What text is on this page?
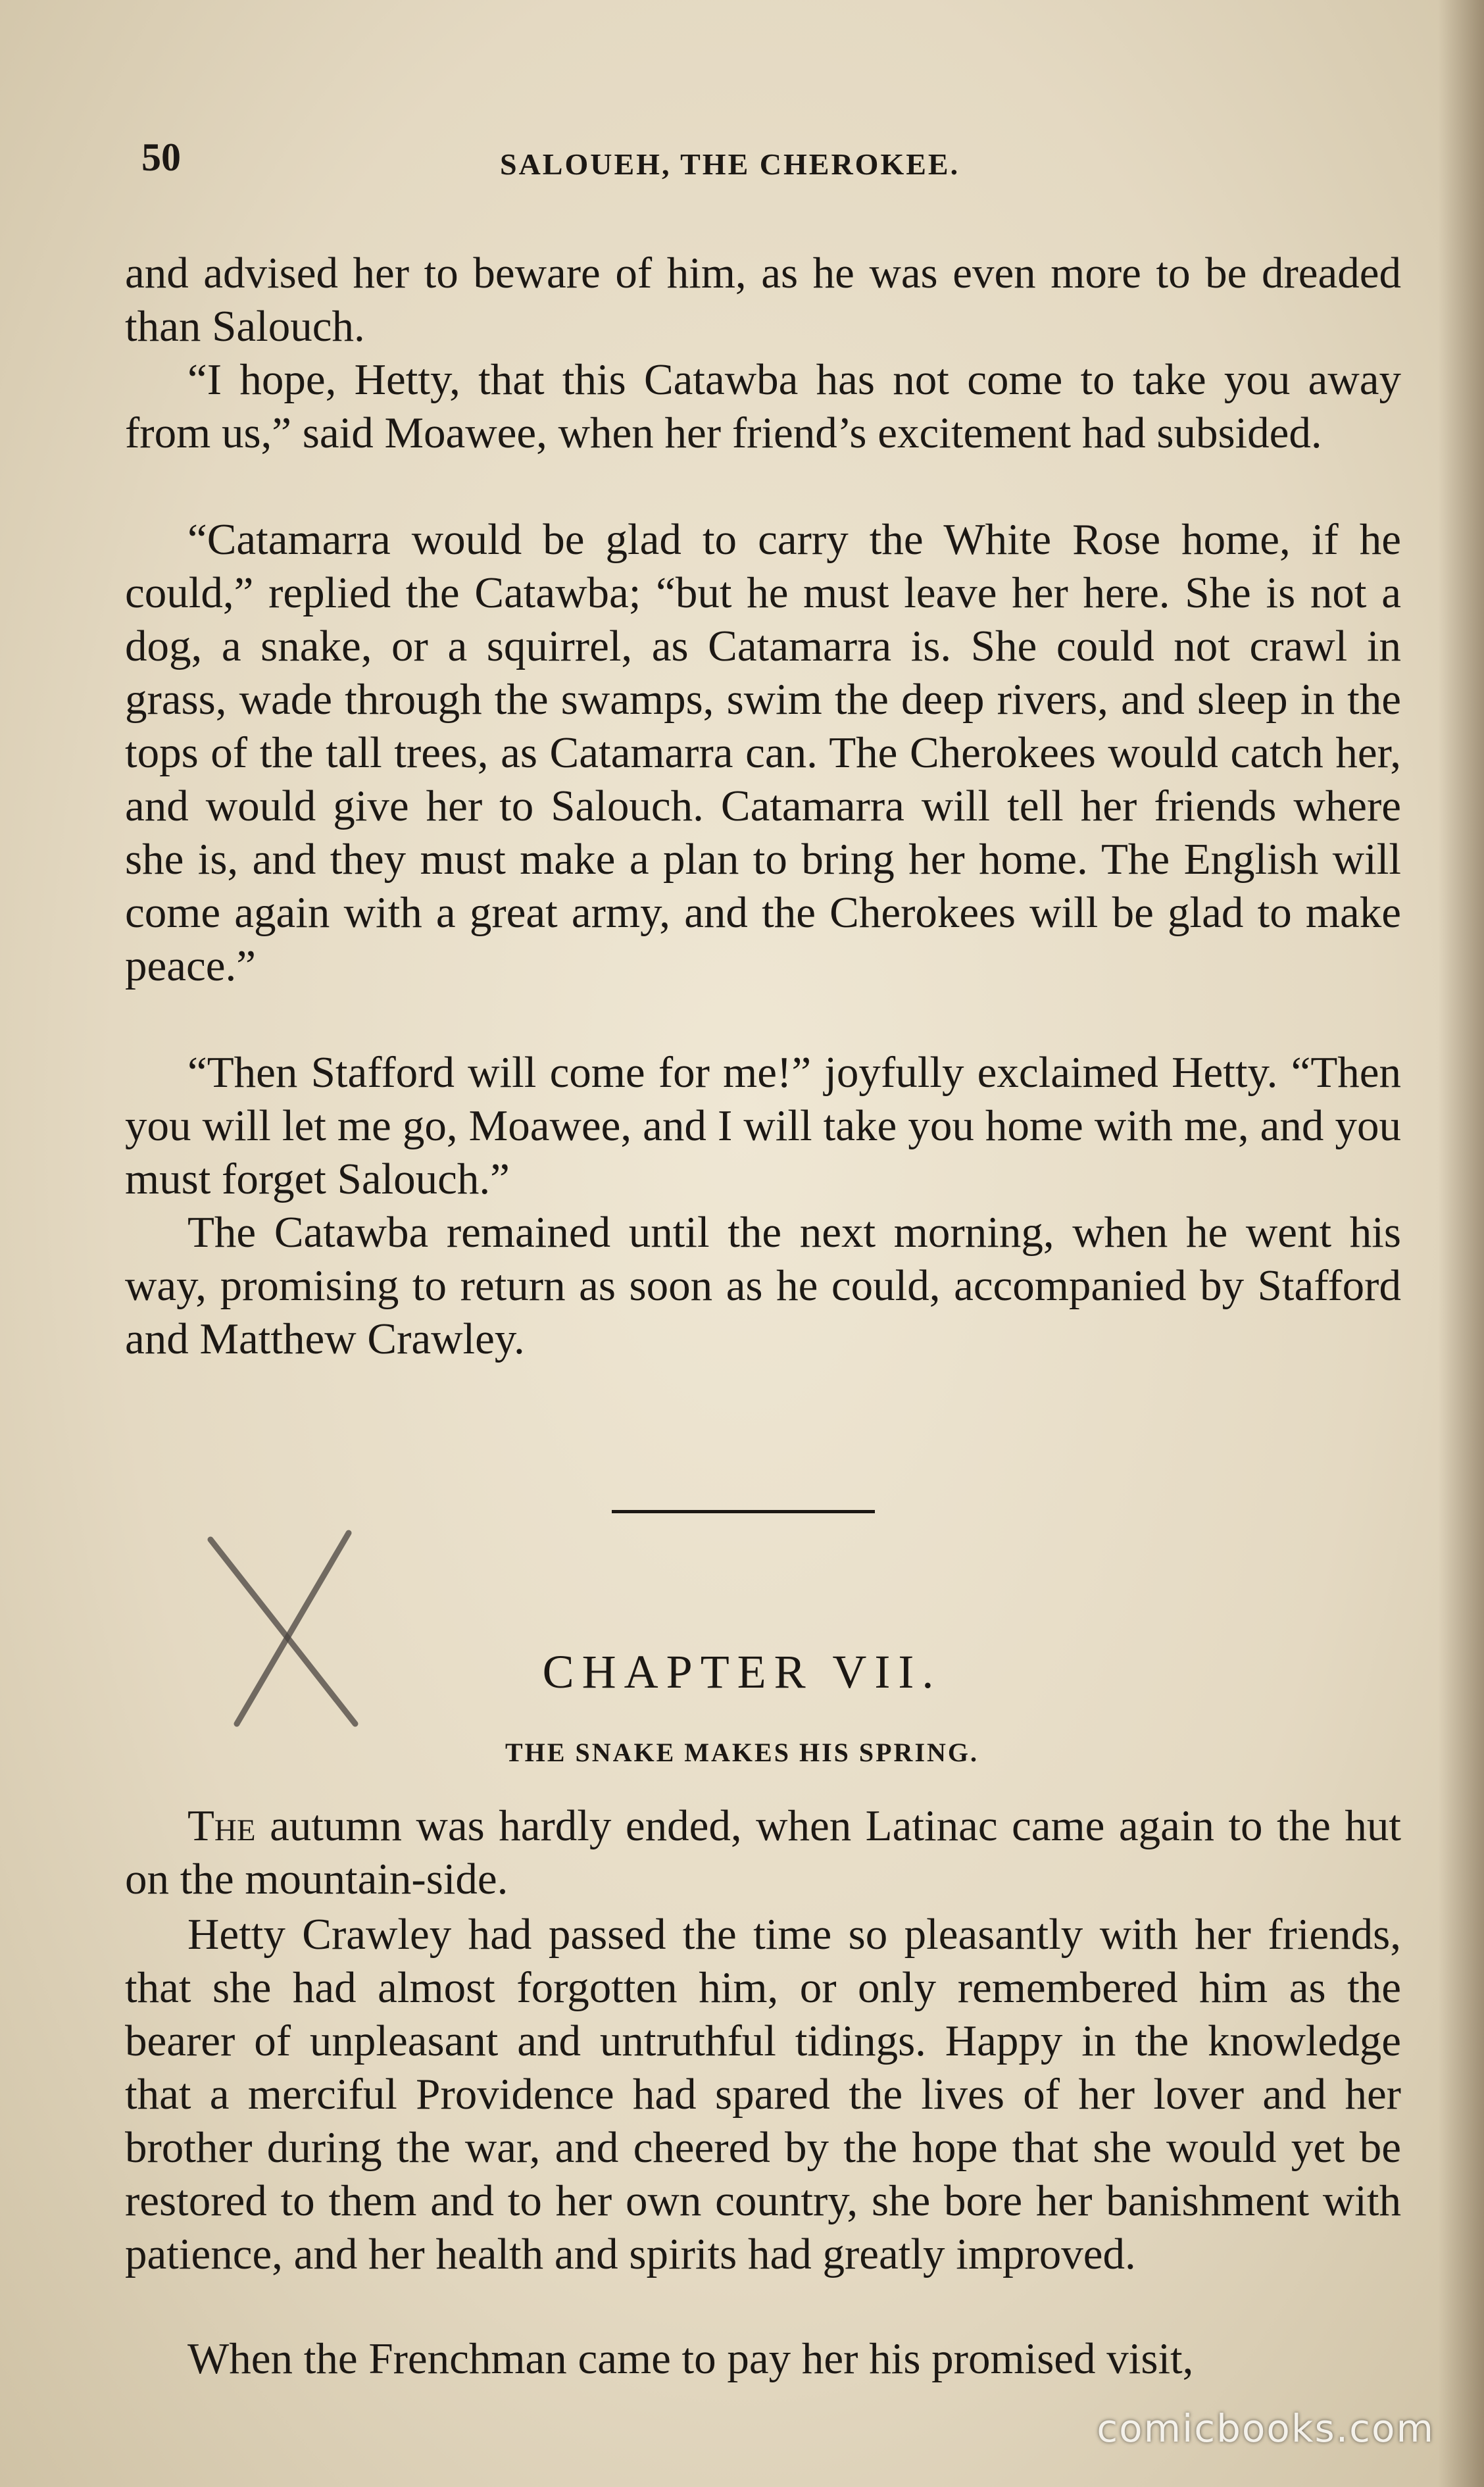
50	SALOUEH, THE CHEROKEE.

and advised her to beware of him, as he was even more to be dreaded than Salouch.

“I hope, Hetty, that this Catawba has not come to take you away from us,” said Moawee, when her friend’s excitement had subsided.

“Catamarra would be glad to carry the White Rose home, if he could,” replied the Catawba; “but he must leave her here. She is not a dog, a snake, or a squirrel, as Catamarra is. She could not crawl in grass, wade through the swamps, swim the deep rivers, and sleep in the tops of the tall trees, as Catamarra can. The Cherokees would catch her, and would give her to Salouch. Catamarra will tell her friends where she is, and they must make a plan to bring her home. The English will come again with a great army, and the Cherokees will be glad to make peace.”

“Then Stafford will come for me!” joyfully exclaimed Hetty. “Then you will let me go, Moawee, and I will take you home with me, and you must forget Salouch.”

The Catawba remained until the next morning, when he went his way, promising to return as soon as he could, accompanied by Stafford and Matthew Crawley.

CHAPTER VII.
THE SNAKE MAKES HIS SPRING.

The autumn was hardly ended, when Latinac came again to the hut on the mountain-side.

Hetty Crawley had passed the time so pleasantly with her friends, that she had almost forgotten him, or only remembered him as the bearer of unpleasant and untruthful tidings. Happy in the knowledge that a merciful Providence had spared the lives of her lover and her brother during the war, and cheered by the hope that she would yet be restored to them and to her own country, she bore her banishment with patience, and her health and spirits had greatly improved.

When the Frenchman came to pay her his promised visit,

comicbooks.com
